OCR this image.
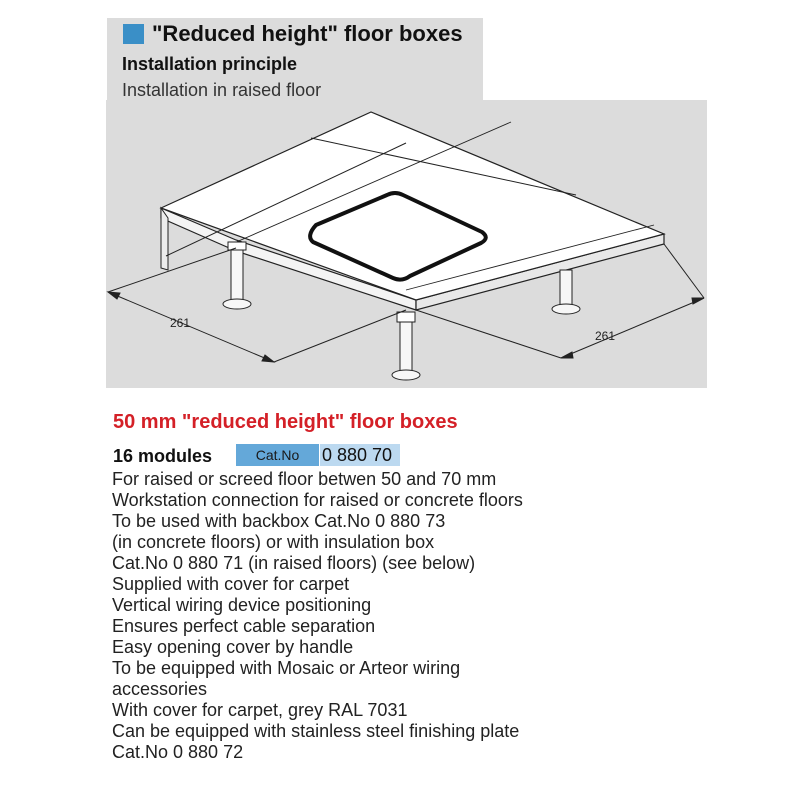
"Reduced height" floor boxes
Installation principle
Installation in raised floor
261
261
50 mm "reduced height" floor boxes
16 modules	Cat.No	0 880 70
For raised or screed floor betwen 50 and 70 mm
Workstation connection for raised or concrete floors
To be used with backbox Cat.No 0 880 73
(in concrete floors) or with insulation box
Cat.No 0 880 71 (in raised floors) (see below)
Supplied with cover for carpet
Vertical wiring device positioning
Ensures perfect cable separation
Easy opening cover by handle
To be equipped with Mosaic or Arteor wiring
accessories
With cover for carpet, grey RAL 7031
Can be equipped with stainless steel finishing plate
Cat.No 0 880 72
